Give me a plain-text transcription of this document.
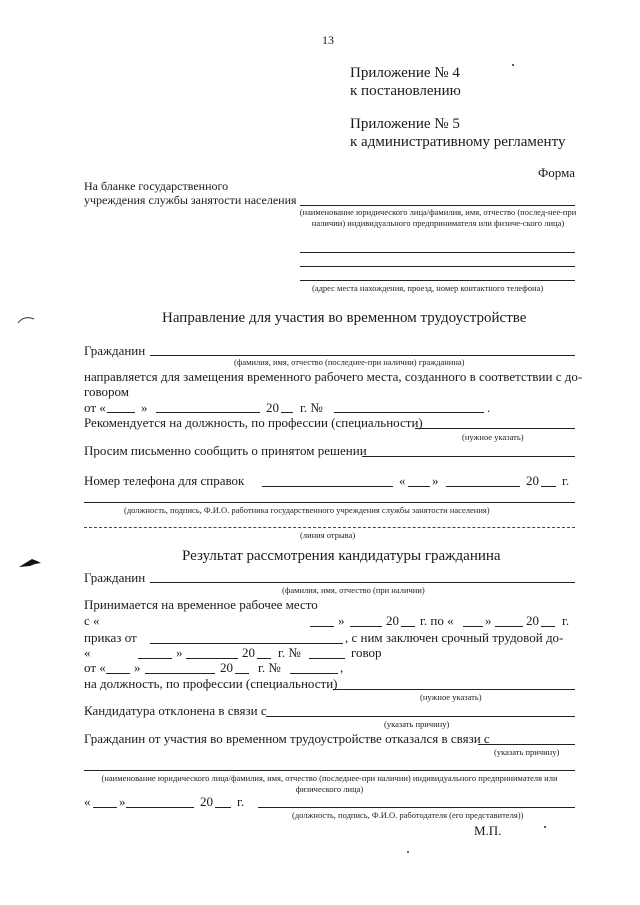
13
Приложение № 4
к постановлению
Приложение № 5
к административному регламенту
Форма
На бланке государственного
учреждения службы занятости населения
(наименование юридического лица/фамилия, имя, отчество (послед-нее-при наличии) индивидуального предпринимателя или физиче-ского лица)
(адрес места нахождения, проезд, номер контактного телефона)
Направление для участия во временном трудоустройстве
Гражданин
(фамилия, имя, отчество (последнее-при наличии) гражданина)
направляется для замещения временного рабочего места, созданного в соответствии с до-
говором
от «	»	20 г. №	.
Рекомендуется на должность, по профессии (специальности)
(нужное указать)
Просим письменно сообщить о принятом решении
Номер телефона для справок	« »	20 г.
(должность, подпись, Ф.И.О. работника государственного учреждения службы занятости населения)
(линия отрыва)
Результат рассмотрения кандидатуры гражданина
Гражданин
(фамилия, имя, отчество (при наличии)
Принимается на временное рабочее место
с «	»	20 г. по « »	20 г.
приказ от	, с ним заключен срочный трудовой до-
«	»	20 г. №	говор
от « »	20 г. №	,
на должность, по профессии (специальности)
(нужное указать)
Кандидатура отклонена в связи с
(указать причину)
Гражданин от участия во временном трудоустройстве отказался в связи с
(указать причину)
(наименование юридического лица/фамилия, имя, отчество (последнее-при наличии) индивидуального предпринимателя или физического лица)
« »	20 г.
(должность, подпись, Ф.И.О. работодателя (его представителя))
М.П.
